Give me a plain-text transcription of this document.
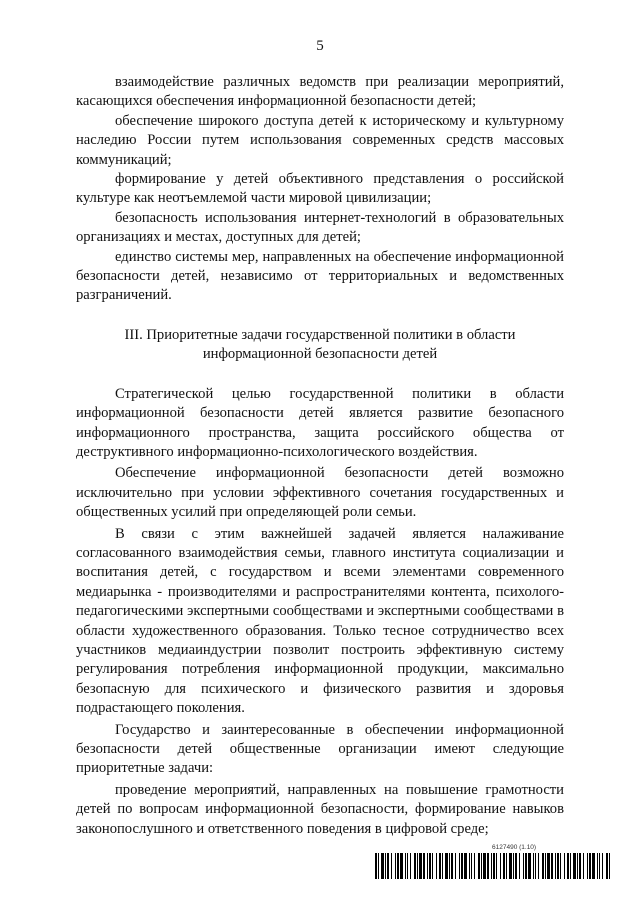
5

взаимодействие различных ведомств при реализации мероприятий, касающихся обеспечения информационной безопасности детей;

обеспечение широкого доступа детей к историческому и культурному наследию России путем использования современных средств массовых коммуникаций;

формирование у детей объективного представления о российской культуре как неотъемлемой части мировой цивилизации;

безопасность использования интернет-технологий в образовательных организациях и местах, доступных для детей;

единство системы мер, направленных на обеспечение информационной безопасности детей, независимо от территориальных и ведомственных разграничений.

III. Приоритетные задачи государственной политики в области
информационной безопасности детей

Стратегической целью государственной политики в области информационной безопасности детей является развитие безопасного информационного пространства, защита российского общества от деструктивного информационно-психологического воздействия.

Обеспечение информационной безопасности детей возможно исключительно при условии эффективного сочетания государственных и общественных усилий при определяющей роли семьи.

В связи с этим важнейшей задачей является налаживание согласованного взаимодействия семьи, главного института социализации и воспитания детей, с государством и всеми элементами современного медиарынка - производителями и распространителями контента, психолого-педагогическими экспертными сообществами и экспертными сообществами в области художественного образования. Только тесное сотрудничество всех участников медиаиндустрии позволит построить эффективную систему регулирования потребления информационной продукции, максимально безопасную для психического и физического развития и здоровья подрастающего поколения.

Государство и заинтересованные в обеспечении информационной безопасности детей общественные организации имеют следующие приоритетные задачи:

проведение мероприятий, направленных на повышение грамотности детей по вопросам информационной безопасности, формирование навыков законопослушного и ответственного поведения в цифровой среде;

6127490 (1.10)
